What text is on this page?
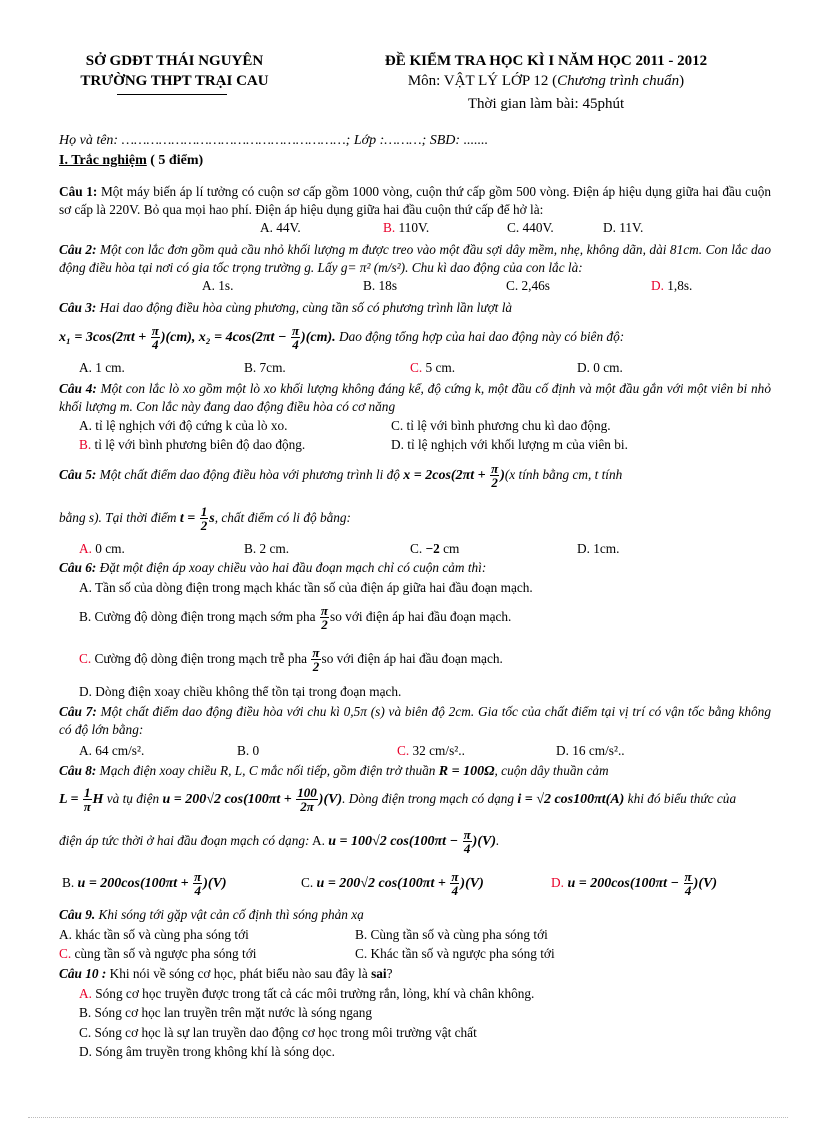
SỞ GDĐT THÁI NGUYÊN
TRƯỜNG THPT TRẠI CAU
ĐỀ KIỂM TRA HỌC KÌ I NĂM HỌC 2011 - 2012
Môn: VẬT LÝ LỚP 12 (Chương trình chuẩn)
Thời gian làm bài: 45phút
Họ và tên: ………………………………………………; Lớp :………; SBD: .......
I. Trắc nghiệm ( 5 điểm)
Câu 1: Một máy biến áp lí tưởng có cuộn sơ cấp gồm 1000 vòng, cuộn thứ cấp gồm 500 vòng. Điện áp hiệu dụng giữa hai đầu cuộn sơ cấp là 220V. Bỏ qua mọi hao phí. Điện áp hiệu dụng giữa hai đầu cuộn thứ cấp để hở là:
A. 44V.	B. 110V.	C. 440V.	D. 11V.
Câu 2: Một con lắc đơn gồm quả cầu nhỏ khối lượng m được treo vào một đầu sợi dây mềm, nhẹ, không dãn, dài 81cm. Con lắc dao động điều hòa tại nơi có gia tốc trọng trường g. Lấy g= π² (m/s²). Chu kì dao động của con lắc là:
A. 1s.	B. 18s	C. 2,46s	D. 1,8s.
Câu 3: Hai dao động điều hòa cùng phương, cùng tần số có phương trình lần lượt là
$x_1 = 3\cos(2\pi t + \frac{\pi}{4} )(cm)$, $x_2 = 4\cos(2\pi t - \frac{\pi}{4} )(cm)$. Dao động tổng hợp của hai dao động này có biên độ:
A. 1 cm.	B. 7cm.	C. 5 cm.	D. 0 cm.
Câu 4: Một con lắc lò xo gồm một lò xo khối lượng không đáng kể, độ cứng k, một đầu cố định và một đầu gắn với một viên bi nhỏ khối lượng m. Con lắc này đang dao động điều hòa có cơ năng
A. tỉ lệ nghịch với độ cứng k của lò xo.	C. tỉ lệ với bình phương chu kì dao động.
B. tỉ lệ với bình phương biên độ dao động.	D. tỉ lệ nghịch với khối lượng m của viên bi.
Câu 5: Một chất điểm dao động điều hòa với phương trình li độ $x = 2\cos(2\pi t + \frac{\pi}{2} )(x$ tính bằng cm, t tính
bằng s). Tại thời điểm $t = \frac{1}{2} s$, chất điểm có li độ bằng:
A. 0 cm.	B. 2 cm.	C. −2 cm	D. 1cm.
Câu 6: Đặt một điện áp xoay chiều vào hai đầu đoạn mạch chỉ có cuộn cảm thì:
A. Tần số của dòng điện trong mạch khác tần số của điện áp giữa hai đầu đoạn mạch.
B. Cường độ dòng điện trong mạch sớm pha $\frac{\pi}{2}$ so với điện áp hai đầu đoạn mạch.
C. Cường độ dòng điện trong mạch trễ pha $\frac{\pi}{2}$ so với điện áp hai đầu đoạn mạch.
D. Dòng điện xoay chiều không thể tồn tại trong đoạn mạch.
Câu 7: Một chất điểm dao động điều hòa với chu kì 0,5π (s) và biên độ 2cm. Gia tốc của chất điểm tại vị trí có vận tốc bằng không có độ lớn bằng:
A. 64 cm/s².	B. 0	C. 32 cm/s²..	D. 16 cm/s²..
Câu 8: Mạch điện xoay chiều R, L, C mắc nối tiếp, gồm điện trở thuần R = 100Ω, cuộn dây thuần cảm
$L = \frac{1}{\pi}$ H và tụ điện u = 200√2 $\cos(100\pi t + \frac{100}{2\pi} )(V)$. Dòng điện trong mạch có dạng i = √2 cos100πt(A) khi đó biểu thức của
điện áp tức thời ở hai đầu đoạn mạch có dạng: A. u = 100√2 $\cos(100\pi t - \frac{\pi}{4} )(V)$.
B. $u = 200\cos(100\pi t + \frac{\pi}{4} )(V)$	C. u = 200√2 $\cos(100\pi t + \frac{\pi}{4} )(V)$	D. $u = 200\cos(100\pi t - \frac{\pi}{4} )(V)$
Câu 9. Khi sóng tới gặp vật cản cố định thì sóng phản xạ
A. khác tần số và cùng pha sóng tới	B. Cùng tần số và cùng pha sóng tới
C. cùng tần số và ngược pha sóng tới	C. Khác tần số và ngược pha sóng tới
Câu 10 : Khi nói về sóng cơ học, phát biểu nào sau đây là sai?
A. Sóng cơ học truyền được trong tất cả các môi trường rắn, lỏng, khí và chân không.
B. Sóng cơ học lan truyền trên mặt nước là sóng ngang
C. Sóng cơ học là sự lan truyền dao động cơ học trong môi trường vật chất
D. Sóng âm truyền trong không khí là sóng dọc.
